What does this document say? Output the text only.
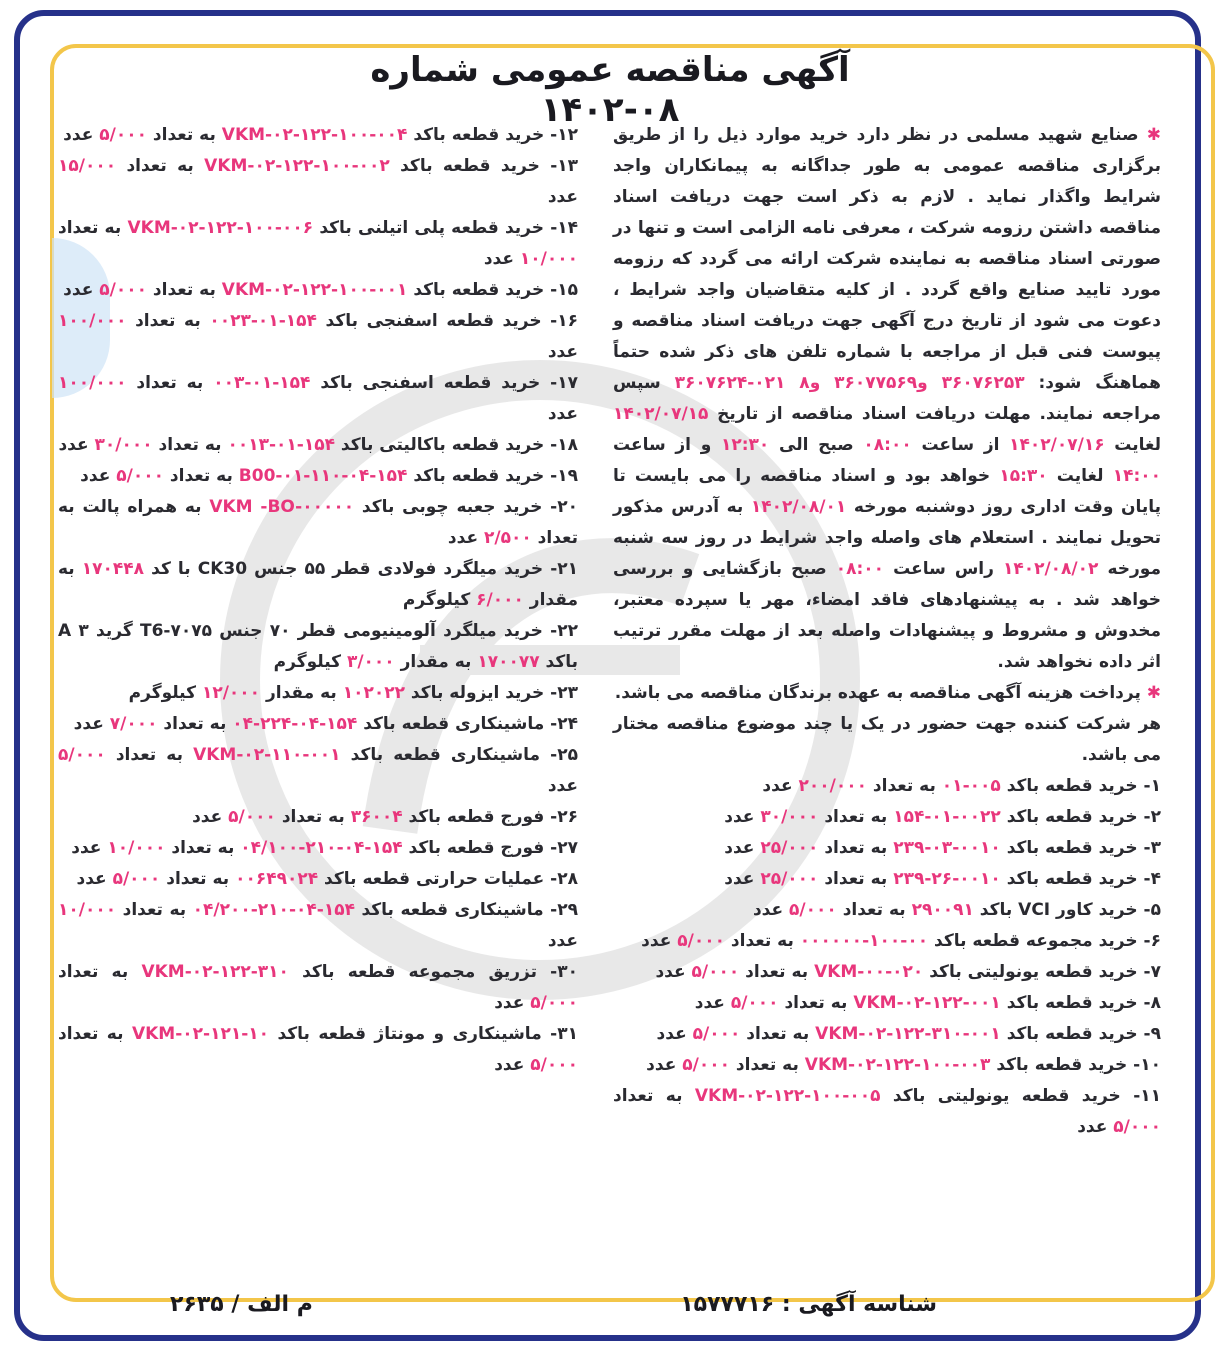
آگهی مناقصه عمومی شماره ۰۸-۱۴۰۲

✱ صنایع شهید مسلمی در نظر دارد خرید موارد ذیل را از طریق برگزاری مناقصه عمومی به طور جداگانه به پیمانکاران واجد شرایط واگذار نماید . لازم به ذکر است جهت دریافت اسناد مناقصه داشتن رزومه شرکت ، معرفی نامه الزامی است و تنها در صورتی اسناد مناقصه به نماینده شرکت ارائه می گردد که رزومه مورد تایید صنایع واقع گردد . از کلیه متقاضیان واجد شرایط ، دعوت می شود از تاریخ درج آگهی جهت دریافت اسناد مناقصه و پیوست فنی قبل از مراجعه با شماره تلفن های ذکر شده حتماً هماهنگ شود: ۳۶۰۷۶۲۵۳ و۳۶۰۷۷۵۶۹ و۸ ۰۲۱-۳۶۰۷۶۲۴ سپس مراجعه نمایند. مهلت دریافت اسناد مناقصه از تاریخ ۱۴۰۲/۰۷/۱۵ لغایت ۱۴۰۲/۰۷/۱۶ از ساعت ۰۸:۰۰ صبح الی ۱۲:۳۰ و از ساعت ۱۴:۰۰ لغایت ۱۵:۳۰ خواهد بود و اسناد مناقصه را می بایست تا پایان وقت اداری روز دوشنبه مورخه ۱۴۰۲/۰۸/۰۱ به آدرس مذکور تحویل نمایند . استعلام های واصله واجد شرایط در روز سه شنبه مورخه ۱۴۰۲/۰۸/۰۲ راس ساعت ۰۸:۰۰ صبح بازگشایی و بررسی خواهد شد . به پیشنهادهای فاقد امضاء، مهر یا سپرده معتبر، مخدوش و مشروط و پیشنهادات واصله بعد از مهلت مقرر ترتیب اثر داده نخواهد شد.

✱ پرداخت هزینه آگهی مناقصه به عهده برندگان مناقصه می باشد.

هر شرکت کننده جهت حضور در یک یا چند موضوع مناقصه مختار می باشد.

۱- خرید قطعه باکد ۰۰۵-۰۱ به تعداد ۲۰۰/۰۰۰ عدد

۲- خرید قطعه باکد ۰۰۲۲-۰۱-۱۵۴ به تعداد ۳۰/۰۰۰ عدد

۳- خرید قطعه باکد ۰۰۱۰-۰۳-۲۳۹ به تعداد ۲۵/۰۰۰ عدد

۴- خرید قطعه باکد ۰۰۱۰-۲۶-۲۳۹ به تعداد ۲۵/۰۰۰ عدد

۵- خرید کاور VCI باکد ۲۹۰۰۹۱ به تعداد ۵/۰۰۰ عدد

۶- خرید مجموعه قطعه باکد ۰۰-۱۰۰-۰۰۰۰۰۰ به تعداد ۵/۰۰۰ عدد

۷- خرید قطعه یونولیتی باکد VKM-۰۰-۰۲۰ به تعداد ۵/۰۰۰ عدد

۸- خرید قطعه باکد VKM-۰۲-۱۲۲-۰۰۱ به تعداد ۵/۰۰۰ عدد

۹- خرید قطعه باکد VKM-۰۲-۱۲۲-۳۱۰-۰۰۱ به تعداد ۵/۰۰۰ عدد

۱۰- خرید قطعه باکد VKM-۰۲-۱۲۲-۱۰۰-۰۰۳ به تعداد ۵/۰۰۰ عدد

۱۱- خرید قطعه یونولیتی باکد VKM-۰۲-۱۲۲-۱۰۰-۰۰۵ به تعداد ۵/۰۰۰ عدد

۱۲- خرید قطعه باکد VKM-۰۲-۱۲۲-۱۰۰-۰۰۴ به تعداد ۵/۰۰۰ عدد

۱۳- خرید قطعه باکد VKM-۰۲-۱۲۲-۱۰۰-۰۰۲ به تعداد ۱۵/۰۰۰ عدد

۱۴- خرید قطعه پلی اتیلنی باکد VKM-۰۲-۱۲۲-۱۰۰-۰۰۶ به تعداد ۱۰/۰۰۰ عدد

۱۵- خرید قطعه باکد VKM-۰۲-۱۲۲-۱۰۰-۰۰۱ به تعداد ۵/۰۰۰ عدد

۱۶- خرید قطعه اسفنجی باکد ۱۵۴-۰۱-۰۰۲۳ به تعداد ۱۰۰/۰۰۰ عدد

۱۷- خرید قطعه اسفنجی باکد ۱۵۴-۰۱-۰۰۳ به تعداد ۱۰۰/۰۰۰ عدد

۱۸- خرید قطعه باکالیتی باکد ۱۵۴-۰۱-۰۰۱۳ به تعداد ۳۰/۰۰۰ عدد

۱۹- خرید قطعه باکد B00-۰۱-۱۱۰-۰۴-۱۵۴ به تعداد ۵/۰۰۰ عدد

۲۰- خرید جعبه چوبی باکد VKM -BO-۰۰۰۰۰ به همراه پالت به تعداد ۲/۵۰۰ عدد

۲۱- خرید میلگرد فولادی قطر ۵۵ جنس CK30 با کد ۱۷۰۴۴۸ به مقدار ۶/۰۰۰ کیلوگرم

۲۲- خرید میلگرد آلومینیومی قطر ۷۰ جنس T6-۷۰۷۵ گرید A ۳ باکد ۱۷۰۰۷۷ به مقدار ۳/۰۰۰ کیلوگرم

۲۳- خرید ایزوله باکد ۱۰۲۰۲۲ به مقدار ۱۲/۰۰۰ کیلوگرم

۲۴- ماشینکاری قطعه باکد ۱۵۴-۰۴-۲۲۴-۰۴ به تعداد ۷/۰۰۰ عدد

۲۵- ماشینکاری قطعه باکد VKM-۰۲-۱۱۰-۰۰۱ به تعداد ۵/۰۰۰ عدد

۲۶- فورج قطعه باکد ۳۶۰۰۴ به تعداد ۵/۰۰۰ عدد

۲۷- فورج قطعه باکد ۱۵۴-۰۴-۲۱۰-۰۴/۱۰۰ به تعداد ۱۰/۰۰۰ عدد

۲۸- عملیات حرارتی قطعه باکد ۰۰۶۴۹۰۲۴ به تعداد ۵/۰۰۰ عدد

۲۹- ماشینکاری قطعه باکد ۱۵۴-۰۴-۲۱۰-۰۴/۲۰۰ به تعداد ۱۰/۰۰۰ عدد

۳۰- تزریق مجموعه قطعه باکد VKM-۰۲-۱۲۲-۳۱۰ به تعداد ۵/۰۰۰ عدد

۳۱- ماشینکاری و مونتاژ قطعه باکد VKM-۰۲-۱۲۱-۱۰ به تعداد ۵/۰۰۰ عدد

شناسه آگهی : ۱۵۷۷۷۱۶
م الف / ۲۶۳۵
